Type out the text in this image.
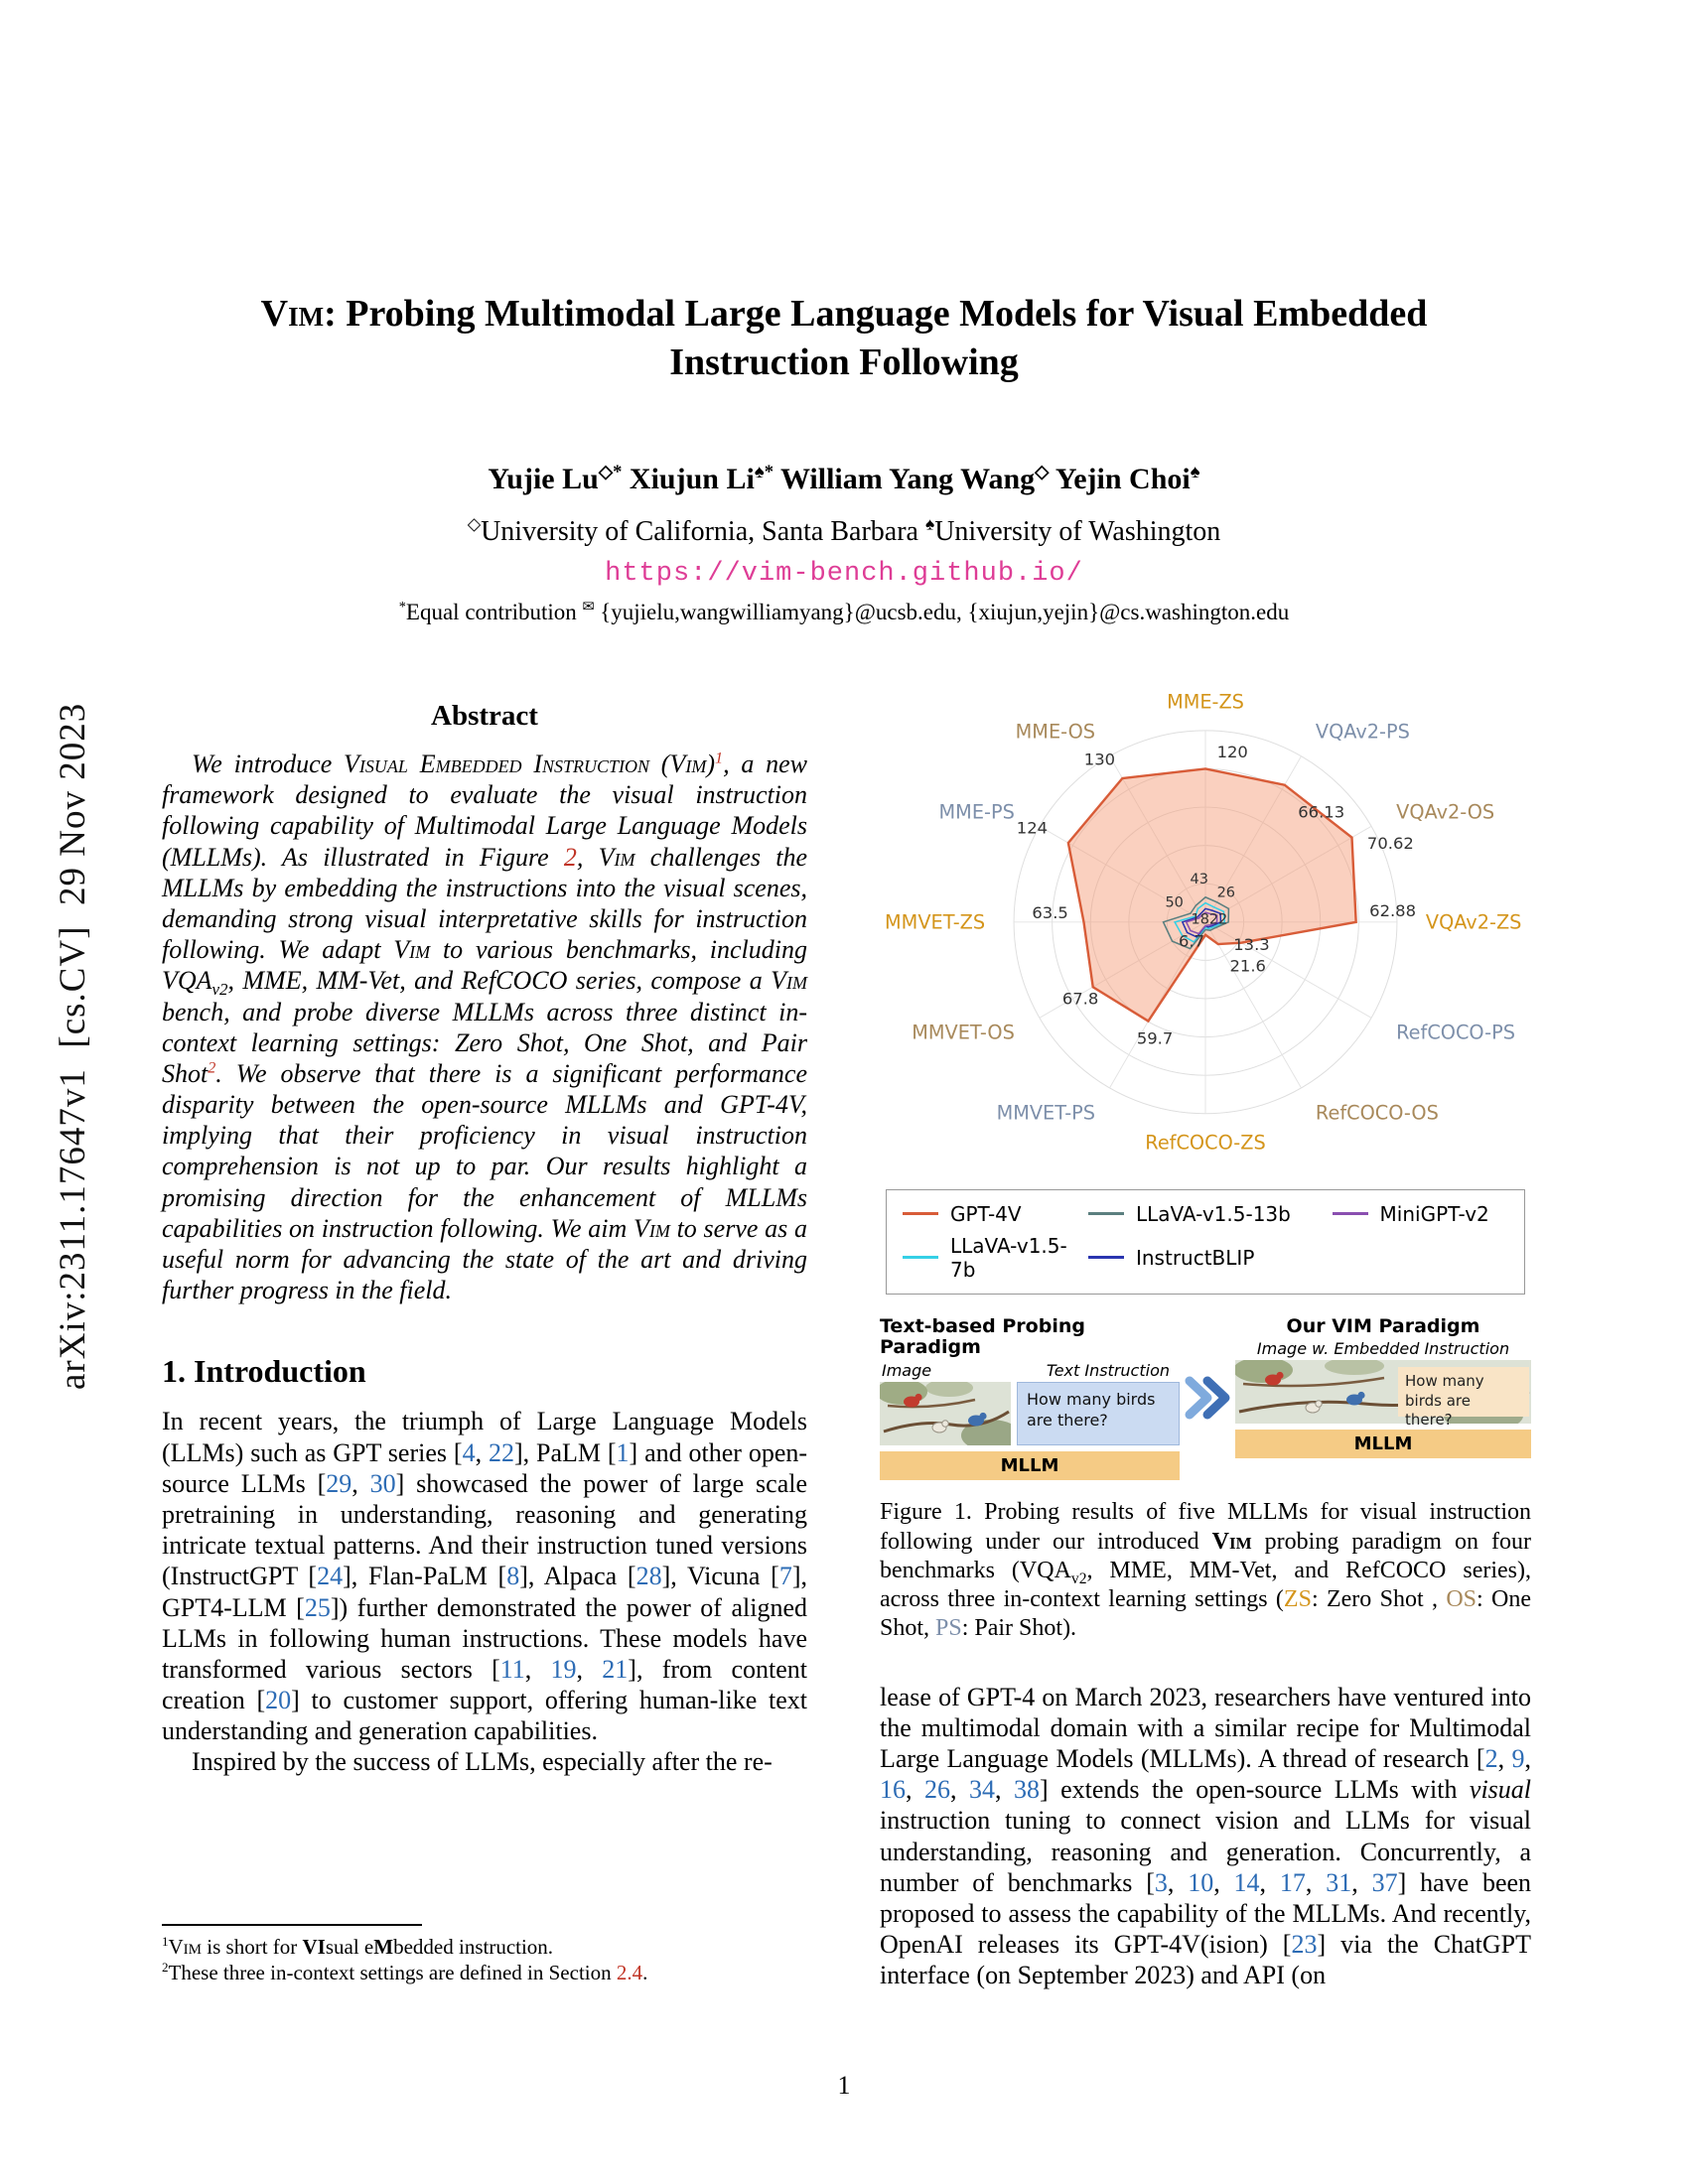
arXiv:2311.17647v1  [cs.CV]  29 Nov 2023
Vim: Probing Multimodal Large Language Models for Visual Embedded
Instruction Following
Yujie Lu◇* Xiujun Li♠* William Yang Wang◇ Yejin Choi♠
◇University of California, Santa Barbara ♠University of Washington
https://vim-bench.github.io/
*Equal contribution ✉ {yujielu,wangwilliamyang}@ucsb.edu, {xiujun,yejin}@cs.washington.edu
Abstract

We introduce Visual Embedded Instruction (Vim)$^1$, a new framework designed to evaluate the visual instruction following capability of Multimodal Large Language Models (MLLMs). As illustrated in Figure 2, Vim challenges the MLLMs by embedding the instructions into the visual scenes, demanding strong visual interpretative skills for instruction following. We adapt Vim to various benchmarks, including $VQA_{v2}$, MME, MM-Vet, and RefCOCO series, compose a Vim bench, and probe diverse MLLMs across three distinct in-context learning settings: Zero Shot, One Shot, and Pair Shot$^2$. We observe that there is a significant performance disparity between the open-source MLLMs and GPT-4V, implying that their proficiency in visual instruction comprehension is not up to par. Our results highlight a promising direction for the enhancement of MLLMs capabilities on instruction following. We aim Vim to serve as a useful norm for advancing the state of the art and driving further progress in the field.

1. Introduction

In recent years, the triumph of Large Language Models (LLMs) such as GPT series [4, 22], PaLM [1] and other open-source LLMs [29, 30] showcased the power of large scale pretraining in understanding, reasoning and generating intricate textual patterns. And their instruction tuned versions (InstructGPT [24], Flan-PaLM [8], Alpaca [28], Vicuna [7], GPT4-LLM [25]) further demonstrated the power of aligned LLMs in following human instructions. These models have transformed various sectors [11, 19, 21], from content creation [20] to customer support, offering human-like text understanding and generation capabilities.

Inspired by the success of LLMs, especially after the re-

$^1$Vim is short for VIsual eMbedded instruction.
$^2$These three in-context settings are defined in Section 2.4.
MME-ZS
VQAv2-PS
VQAv2-OS
VQAv2-ZS
RefCOCO-PS
RefCOCO-OS
RefCOCO-ZS
MMVET-PS
MMVET-OS
MMVET-ZS
MME-PS
MME-OS
120
66.13
70.62
62.88
21.6
13.3
6.7
59.7
67.8
63.5
124
130
43
26
50
18 22
GPT-4V	LLaVA-v1.5-13b	MiniGPT-v2
LLaVA-v1.5-7b	InstructBLIP
Text-based Probing Paradigm
Image	Text Instruction
How many birds are there?
MLLM
Our VIM Paradigm
Image w. Embedded Instruction
How many birds are there?
MLLM

Figure 1. Probing results of five MLLMs for visual instruction following under our introduced Vim probing paradigm on four benchmarks ($VQA_{v2}$, MME, MM-Vet, and RefCOCO series), across three in-context learning settings (ZS: Zero Shot , OS: One Shot, PS: Pair Shot).

lease of GPT-4 on March 2023, researchers have ventured into the multimodal domain with a similar recipe for Multimodal Large Language Models (MLLMs). A thread of research [2, 9, 16, 26, 34, 38] extends the open-source LLMs with visual instruction tuning to connect vision and LLMs for visual understanding, reasoning and generation. Concurrently, a number of benchmarks [3, 10, 14, 17, 31, 37] have been proposed to assess the capability of the MLLMs. And recently, OpenAI releases its GPT-4V(ision) [23] via the ChatGPT interface (on September 2023) and API (on

1
